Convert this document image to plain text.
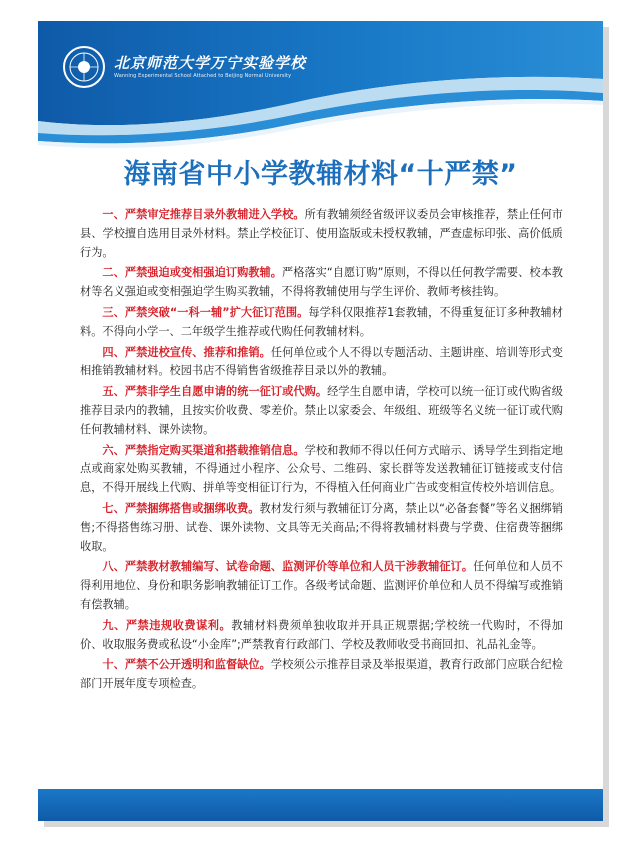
北京师范大学万宁实验学校
Wanning Experimental School Attached to Beijing Normal University
海南省中小学教辅材料“十严禁”

一、严禁审定推荐目录外教辅进入学校。所有教辅须经省级评议委员会审核推荐，禁止任何市县、学校擅自选用目录外材料。禁止学校征订、使用盗版或未授权教辅，严查虚标印张、高价低质行为。

二、严禁强迫或变相强迫订购教辅。严格落实“自愿订购”原则，不得以任何教学需要、校本教材等名义强迫或变相强迫学生购买教辅，不得将教辅使用与学生评价、教师考核挂钩。

三、严禁突破“一科一辅”扩大征订范围。每学科仅限推荐1套教辅，不得重复征订多种教辅材料。不得向小学一、二年级学生推荐或代购任何教辅材料。

四、严禁进校宣传、推荐和推销。任何单位或个人不得以专题活动、主题讲座、培训等形式变相推销教辅材料。校园书店不得销售省级推荐目录以外的教辅。

五、严禁非学生自愿申请的统一征订或代购。经学生自愿申请，学校可以统一征订或代购省级推荐目录内的教辅，且按实价收费、零差价。禁止以家委会、年级组、班级等名义统一征订或代购任何教辅材料、课外读物。

六、严禁指定购买渠道和搭载推销信息。学校和教师不得以任何方式暗示、诱导学生到指定地点或商家处购买教辅，不得通过小程序、公众号、二维码、家长群等发送教辅征订链接或支付信息，不得开展线上代购、拼单等变相征订行为，不得植入任何商业广告或变相宣传校外培训信息。

七、严禁捆绑搭售或捆绑收费。教材发行须与教辅征订分离，禁止以“必备套餐”等名义捆绑销售;不得搭售练习册、试卷、课外读物、文具等无关商品;不得将教辅材料费与学费、住宿费等捆绑收取。

八、严禁教材教辅编写、试卷命题、监测评价等单位和人员干涉教辅征订。任何单位和人员不得利用地位、身份和职务影响教辅征订工作。各级考试命题、监测评价单位和人员不得编写或推销有偿教辅。

九、严禁违规收费谋利。教辅材料费须单独收取并开具正规票据;学校统一代购时，不得加价、收取服务费或私设“小金库”;严禁教育行政部门、学校及教师收受书商回扣、礼品礼金等。

十、严禁不公开透明和监督缺位。学校须公示推荐目录及举报渠道，教育行政部门应联合纪检部门开展年度专项检查。
